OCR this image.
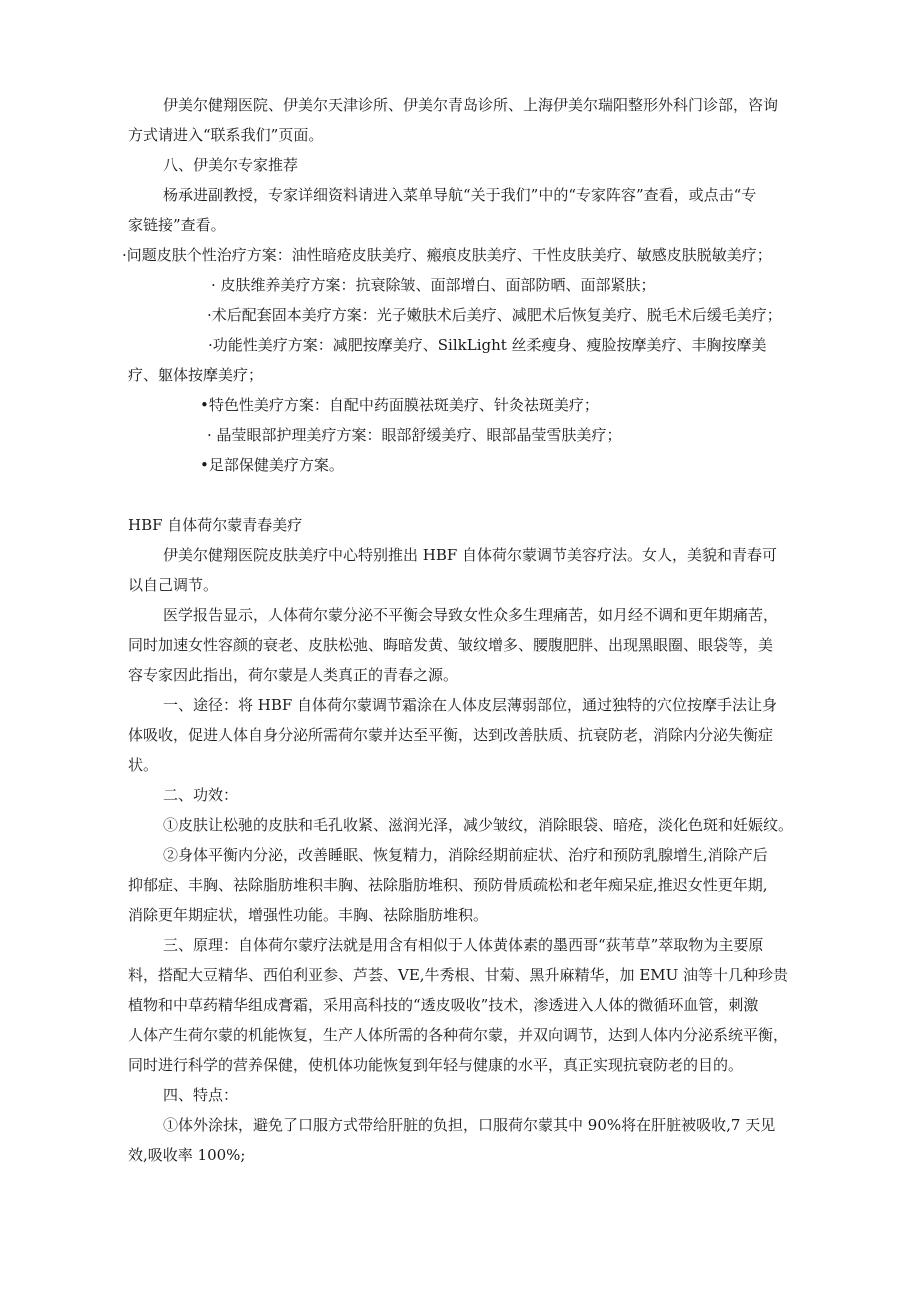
伊美尔健翔医院、伊美尔天津诊所、伊美尔青岛诊所、上海伊美尔瑞阳整形外科门诊部，咨询
方式请进入“联系我们”页面。
八、伊美尔专家推荐
杨承进副教授，专家详细资料请进入菜单导航“关于我们”中的“专家阵容”查看，或点击“专
家链接”查看。
·问题皮肤个性治疗方案：油性暗疮皮肤美疗、瘢痕皮肤美疗、干性皮肤美疗、敏感皮肤脱敏美疗；
· 皮肤维养美疗方案：抗衰除皱、面部增白、面部防晒、面部紧肤；
·术后配套固本美疗方案：光子嫩肤术后美疗、减肥术后恢复美疗、脱毛术后缓毛美疗；
·功能性美疗方案：减肥按摩美疗、SilkLight 丝柔瘦身、瘦脸按摩美疗、丰胸按摩美
疗、躯体按摩美疗；
•特色性美疗方案：自配中药面膜祛斑美疗、针灸祛斑美疗；
· 晶莹眼部护理美疗方案：眼部舒缓美疗、眼部晶莹雪肤美疗；
•足部保健美疗方案。
HBF 自体荷尔蒙青春美疗
伊美尔健翔医院皮肤美疗中心特别推出 HBF 自体荷尔蒙调节美容疗法。女人，美貌和青春可
以自己调节。
医学报告显示，人体荷尔蒙分泌不平衡会导致女性众多生理痛苦，如月经不调和更年期痛苦，
同时加速女性容颜的衰老、皮肤松弛、晦暗发黄、皱纹增多、腰腹肥胖、出现黑眼圈、眼袋等，美
容专家因此指出，荷尔蒙是人类真正的青春之源。
一、途径：将 HBF 自体荷尔蒙调节霜涂在人体皮层薄弱部位，通过独特的穴位按摩手法让身
体吸收，促进人体自身分泌所需荷尔蒙并达至平衡，达到改善肤质、抗衰防老，消除内分泌失衡症
状。
二、功效：
①皮肤让松驰的皮肤和毛孔收紧、滋润光泽，减少皱纹，消除眼袋、暗疮，淡化色斑和妊娠纹。
②身体平衡内分泌，改善睡眠、恢复精力，消除经期前症状、治疗和预防乳腺增生,消除产后
抑郁症、丰胸、祛除脂肪堆积丰胸、祛除脂肪堆积、预防骨质疏松和老年痴呆症,推迟女性更年期,
消除更年期症状，增强性功能。丰胸、祛除脂肪堆积。
三、原理：自体荷尔蒙疗法就是用含有相似于人体黄体素的墨西哥“荻苇草”萃取物为主要原
料，搭配大豆精华、西伯利亚参、芦荟、VE,牛秀根、甘菊、黑升麻精华，加 EMU 油等十几种珍贵
植物和中草药精华组成膏霜，采用高科技的“透皮吸收”技术，渗透进入人体的微循环血管，刺激
人体产生荷尔蒙的机能恢复，生产人体所需的各种荷尔蒙，并双向调节，达到人体内分泌系统平衡，
同时进行科学的营养保健，使机体功能恢复到年轻与健康的水平，真正实现抗衰防老的目的。
四、特点：
①体外涂抹，避免了口服方式带给肝脏的负担，口服荷尔蒙其中 90%将在肝脏被吸收,7 天见
效,吸收率 100%;
